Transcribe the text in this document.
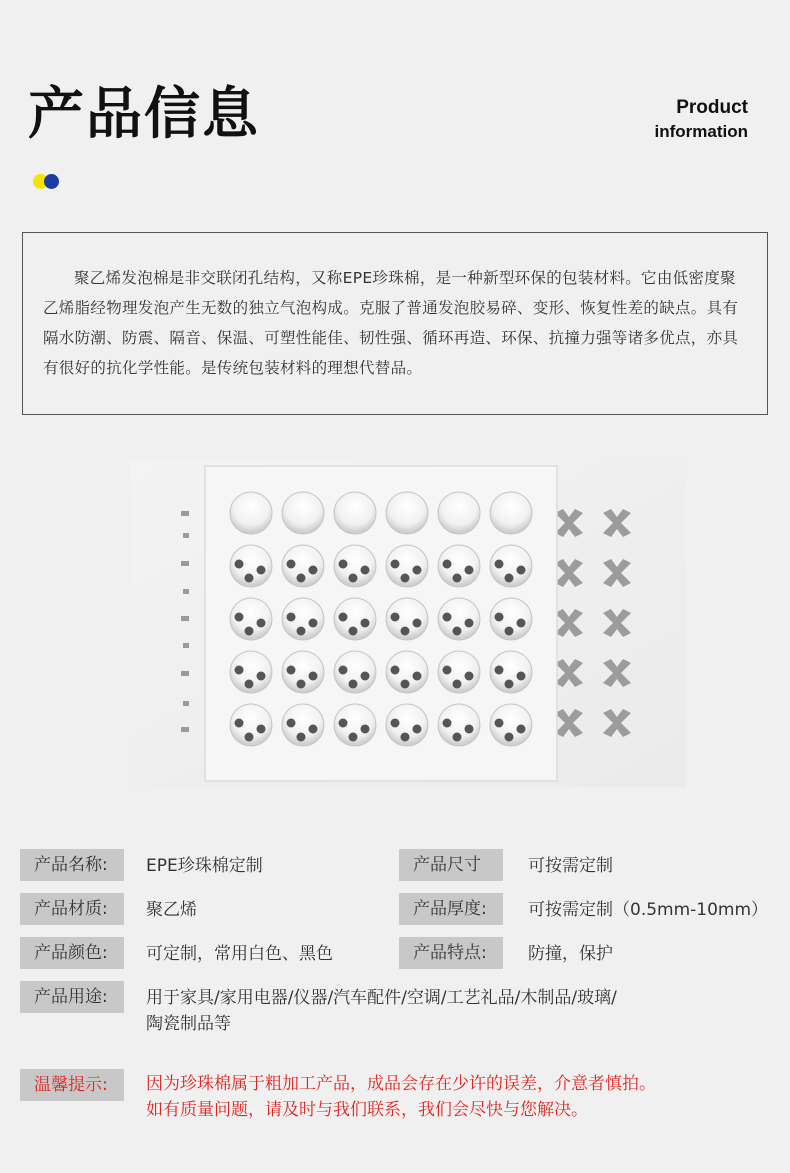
产品信息	Product
information

聚乙烯发泡棉是非交联闭孔结构，又称EPE珍珠棉，是一种新型环保的包装材料。它由低密度聚乙烯脂经物理发泡产生无数的独立气泡构成。克服了普通发泡胶易碎、变形、恢复性差的缺点。具有隔水防潮、防震、隔音、保温、可塑性能佳、韧性强、循环再造、环保、抗撞力强等诸多优点，亦具有很好的抗化学性能。是传统包装材料的理想代替品。

产品名称:	EPE珍珠棉定制	产品尺寸	可按需定制
产品材质:	聚乙烯	产品厚度:	可按需定制（0.5mm-10mm）
产品颜色:	可定制，常用白色、黑色	产品特点:	防撞，保护
产品用途:	用于家具/家用电器/仪器/汽车配件/空调/工艺礼品/木制品/玻璃/
陶瓷制品等
温馨提示:	因为珍珠棉属于粗加工产品，成品会存在少许的误差，介意者慎拍。
如有质量问题，请及时与我们联系，我们会尽快与您解决。
